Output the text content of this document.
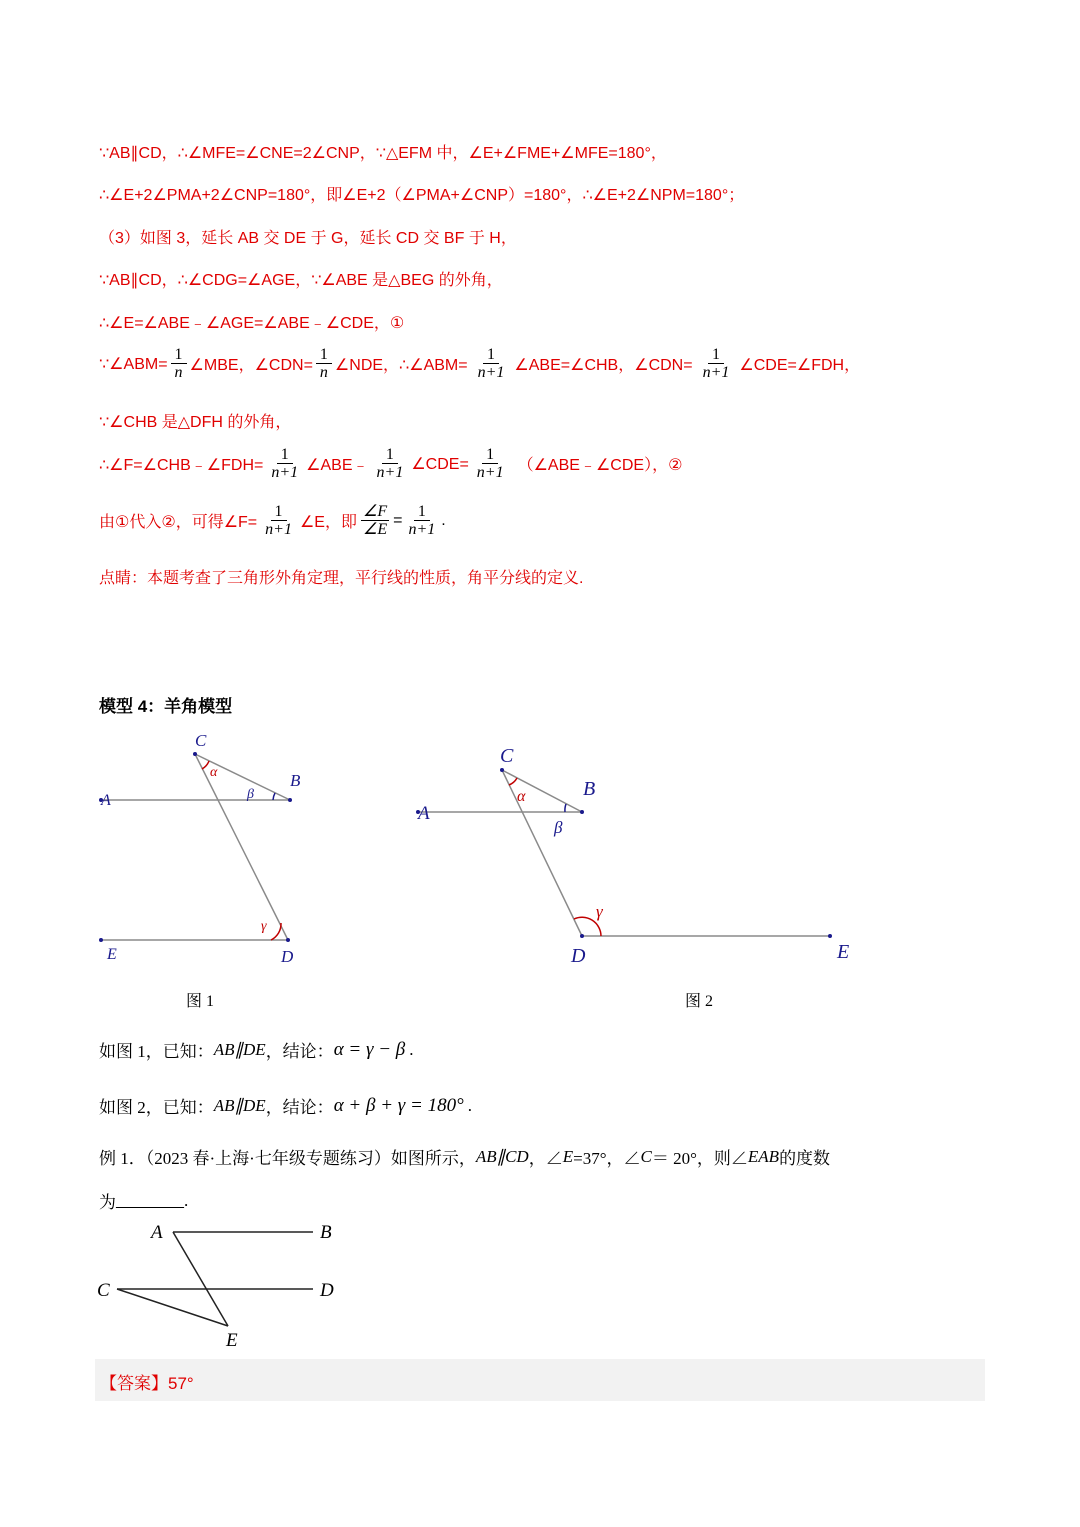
∵AB∥CD，∴∠MFE=∠CNE=2∠CNP，∵△EFM 中，∠E+∠FME+∠MFE=180°，
∴∠E+2∠PMA+2∠CNP=180°，即∠E+2（∠PMA+∠CNP）=180°，∴∠E+2∠NPM=180°；
（3）如图 3，延长 AB 交 DE 于 G，延长 CD 交 BF 于 H，
∵AB∥CD，∴∠CDG=∠AGE，∵∠ABE 是△BEG 的外角，
∴∠E=∠ABE﹣∠AGE=∠ABE﹣∠CDE，①
∵∠ABM= $\frac{1}{n}$ ∠MBE，∠CDN= $\frac{1}{n}$ ∠NDE，∴∠ABM= $\frac{1}{n+1}$ ∠ABE=∠CHB，∠CDN= $\frac{1}{n+1}$ ∠CDE=∠FDH，
∵∠CHB 是△DFH 的外角，
∴∠F=∠CHB﹣∠FDH= $\frac{1}{n+1}$ ∠ABE﹣ $\frac{1}{n+1}$ ∠CDE= $\frac{1}{n+1}$ （∠ABE﹣∠CDE），②
由①代入②，可得∠F= $\frac{1}{n+1}$ ∠E，即 $\frac{\angle F}{\angle E} = \frac{1}{n+1}$ .
点睛：本题考查了三角形外角定理，平行线的性质，角平分线的定义.
模型 4：羊角模型
C
B
A
E	D
α
β
γ
图 1
C
B
A
E
D
α
β
γ
图 2
如图 1，已知： AB∥DE ，结论： α = γ − β .
如图 2，已知： AB∥DE ，结论： α + β + γ = 180° .
例 1．（2023 春·上海·七年级专题练习）如图所示， AB∥CD ，∠ E =37°，∠ C ＝ 20°，则∠ EAB 的度数
为 ________ .
A	B
C	D
E
【答案】57°
